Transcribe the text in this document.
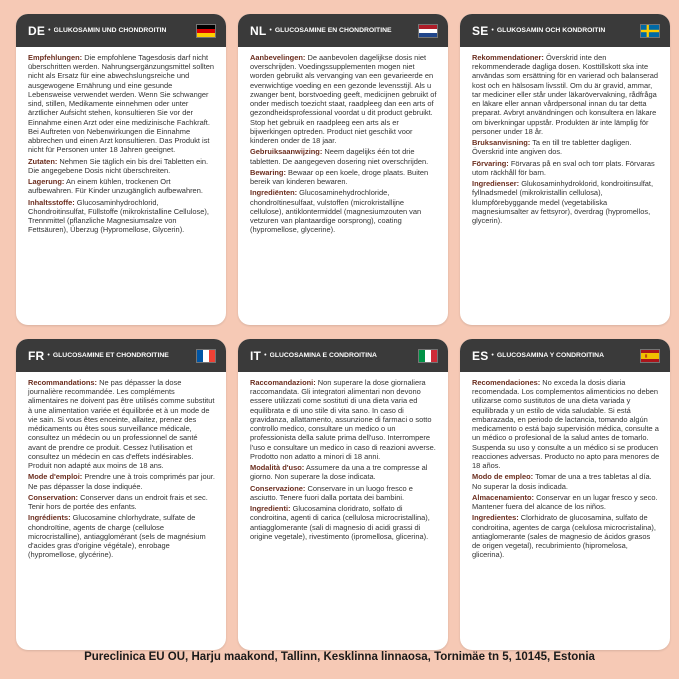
DE • GLUKOSAMIN UND CHONDROITIN

Empfehlungen: Die empfohlene Tagesdosis darf nicht überschritten werden. Nahrungsergänzungsmittel sollten nicht als Ersatz für eine abwechslungsreiche und ausgewogene Ernährung und eine gesunde Lebensweise verwendet werden. Wenn Sie schwanger sind, stillen, Medikamente einnehmen oder unter ärztlicher Aufsicht stehen, konsultieren Sie vor der Einnahme einen Arzt oder eine medizinische Fachkraft. Bei Auftreten von Nebenwirkungen die Einnahme abbrechen und einen Arzt konsultieren. Das Produkt ist nicht für Personen unter 18 Jahren geeignet.

Zutaten: Nehmen Sie täglich ein bis drei Tabletten ein. Die angegebene Dosis nicht überschreiten.

Lagerung: An einem kühlen, trockenen Ort aufbewahren. Für Kinder unzugänglich aufbewahren.

Inhaltsstoffe: Glucosaminhydrochlorid, Chondroitinsulfat, Füllstoffe (mikrokristalline Cellulose), Trennmittel (pflanzliche Magnesiumsalze von Fettsäuren), Überzug (Hypromellose, Glycerin).

NL • GLUCOSAMINE EN CHONDROÏTINE

Aanbevelingen: De aanbevolen dagelijkse dosis niet overschrijden. Voedingssupplementen mogen niet worden gebruikt als vervanging van een gevarieerde en evenwichtige voeding en een gezonde levensstijl. Als u zwanger bent, borstvoeding geeft, medicijnen gebruikt of onder medisch toezicht staat, raadpleeg dan een arts of gezondheidsprofessional voordat u dit product gebruikt. Stop het gebruik en raadpleeg een arts als er bijwerkingen optreden. Product niet geschikt voor kinderen onder de 18 jaar.

Gebruiksaanwijzing: Neem dagelijks één tot drie tabletten. De aangegeven dosering niet overschrijden.

Bewaring: Bewaar op een koele, droge plaats. Buiten bereik van kinderen bewaren.

Ingrediënten: Glucosaminehydrochloride, chondroïtinesulfaat, vulstoffen (microkristallijne cellulose), antiklontermiddel (magnesiumzouten van vetzuren van plantaardige oorsprong), coating (hypromellose, glycerine).

SE • GLUKOSAMIN OCH KONDROITIN

Rekommendationer: Överskrid inte den rekommenderade dagliga dosen. Kosttillskott ska inte användas som ersättning för en varierad och balanserad kost och en hälsosam livsstil. Om du är gravid, ammar, tar mediciner eller står under läkarövervakning, rådfråga en läkare eller annan vårdpersonal innan du tar detta preparat. Avbryt användningen och konsultera en läkare om biverkningar uppstår. Produkten är inte lämplig för personer under 18 år.

Bruksanvisning: Ta en till tre tabletter dagligen. Överskrid inte angiven dos.

Förvaring: Förvaras på en sval och torr plats. Förvaras utom räckhåll för barn.

Ingredienser: Glukosaminhydroklorid, kondroitinsulfat, fyllnadsmedel (mikrokristallin cellulosa), klumpförebyggande medel (vegetabiliska magnesiumsalter av fettsyror), överdrag (hypromellos, glycerin).

FR • GLUCOSAMINE ET CHONDROÏTINE

Recommandations: Ne pas dépasser la dose journalière recommandée. Les compléments alimentaires ne doivent pas être utilisés comme substitut à une alimentation variée et équilibrée et à un mode de vie sain. Si vous êtes enceinte, allaitez, prenez des médicaments ou êtes sous surveillance médicale, consultez un médecin ou un professionnel de santé avant de prendre ce produit. Cessez l'utilisation et consultez un médecin en cas d'effets indésirables. Produit non adapté aux moins de 18 ans.

Mode d'emploi: Prendre une à trois comprimés par jour. Ne pas dépasser la dose indiquée.

Conservation: Conserver dans un endroit frais et sec. Tenir hors de portée des enfants.

Ingrédients: Glucosamine chlorhydrate, sulfate de chondroïtine, agents de charge (cellulose microcristalline), antiagglomérant (sels de magnésium d'acides gras d'origine végétale), enrobage (hypromellose, glycérine).

IT • GLUCOSAMINA E CONDROITINA

Raccomandazioni: Non superare la dose giornaliera raccomandata. Gli integratori alimentari non devono essere utilizzati come sostituti di una dieta varia ed equilibrata e di uno stile di vita sano. In caso di gravidanza, allattamento, assunzione di farmaci o sotto controllo medico, consultare un medico o un professionista della salute prima dell'uso. Interrompere l'uso e consultare un medico in caso di reazioni avverse. Prodotto non adatto a minori di 18 anni.

Modalità d'uso: Assumere da una a tre compresse al giorno. Non superare la dose indicata.

Conservazione: Conservare in un luogo fresco e asciutto. Tenere fuori dalla portata dei bambini.

Ingredienti: Glucosamina cloridrato, solfato di condroitina, agenti di carica (cellulosa microcristallina), antiagglomerante (sali di magnesio di acidi grassi di origine vegetale), rivestimento (ipromellosa, glicerina).

ES • GLUCOSAMINA Y CONDROITINA

Recomendaciones: No exceda la dosis diaria recomendada. Los complementos alimenticios no deben utilizarse como sustitutos de una dieta variada y equilibrada y un estilo de vida saludable. Si está embarazada, en periodo de lactancia, tomando algún medicamento o está bajo supervisión médica, consulte a un médico o profesional de la salud antes de tomarlo. Suspenda su uso y consulte a un médico si se producen reacciones adversas. Producto no apto para menores de 18 años.

Modo de empleo: Tomar de una a tres tabletas al día. No superar la dosis indicada.

Almacenamiento: Conservar en un lugar fresco y seco. Mantener fuera del alcance de los niños.

Ingredientes: Clorhidrato de glucosamina, sulfato de condroitina, agentes de carga (celulosa microcristalina), antiaglomerante (sales de magnesio de ácidos grasos de origen vegetal), recubrimiento (hipromelosa, glicerina).

Pureclinica EU OU, Harju maakond, Tallinn, Kesklinna linnaosa, Tornimäe tn 5, 10145, Estonia
